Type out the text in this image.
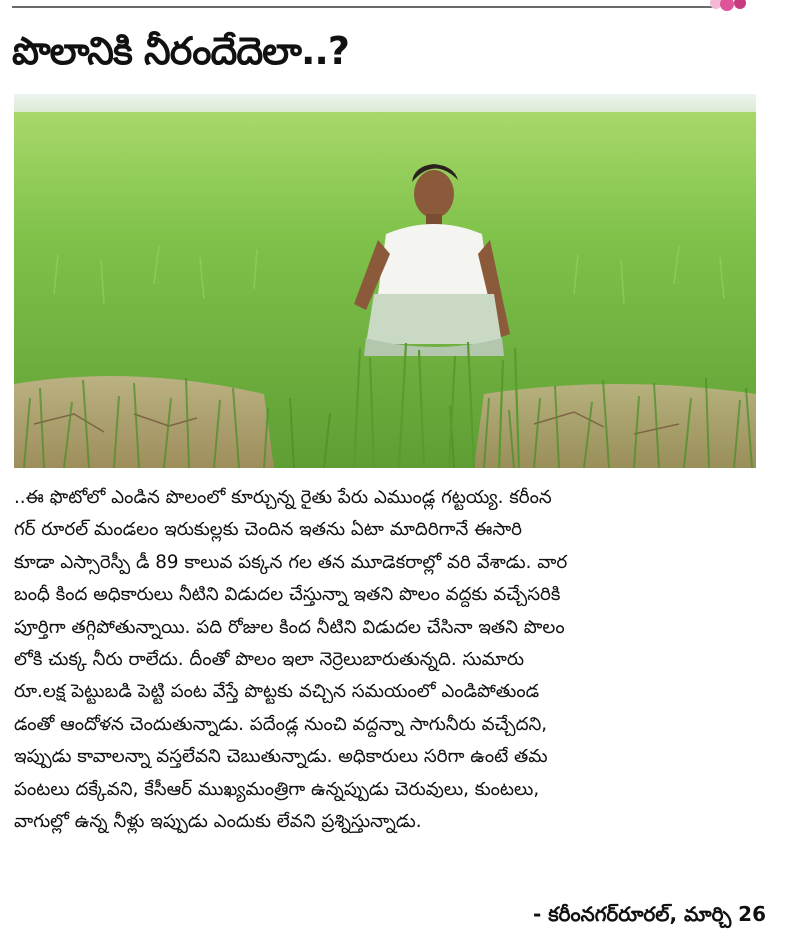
పొలానికి నీరందేదెలా..?
..ఈ ఫొటోలో ఎండిన పొలంలో కూర్చున్న రైతు పేరు ఎముండ్ల గట్టయ్య. కరీంన
గర్ రూరల్ మండలం ఇరుకుల్లకు చెందిన ఇతను ఏటా మాదిరిగానే ఈసారి
కూడా ఎస్సారెస్పీ డీ 89 కాలువ పక్కన గల తన మూడెకరాల్లో వరి వేశాడు. వార
బంధీ కింద అధికారులు నీటిని విడుదల చేస్తున్నా ఇతని పొలం వద్దకు వచ్చేసరికి
పూర్తిగా తగ్గిపోతున్నాయి. పది రోజుల కింద నీటిని విడుదల చేసినా ఇతని పొలం
లోకి చుక్క నీరు రాలేదు. దీంతో పొలం ఇలా నెర్రెలుబారుతున్నది. సుమారు
రూ.లక్ష పెట్టుబడి పెట్టి పంట వేస్తే పొట్టకు వచ్చిన సమయంలో ఎండిపోతుండ
డంతో ఆందోళన చెందుతున్నాడు. పదేండ్ల నుంచి వద్దన్నా సాగునీరు వచ్చేదని,
ఇప్పుడు కావాలన్నా వస్తలేవని చెబుతున్నాడు. అధికారులు సరిగా ఉంటే తమ
పంటలు దక్కేవని, కేసీఆర్ ముఖ్యమంత్రిగా ఉన్నప్పుడు చెరువులు, కుంటలు,
వాగుల్లో ఉన్న నీళ్లు ఇప్పుడు ఎందుకు లేవని ప్రశ్నిస్తున్నాడు.
- కరీంనగర్‌రూరల్, మార్చి 26
